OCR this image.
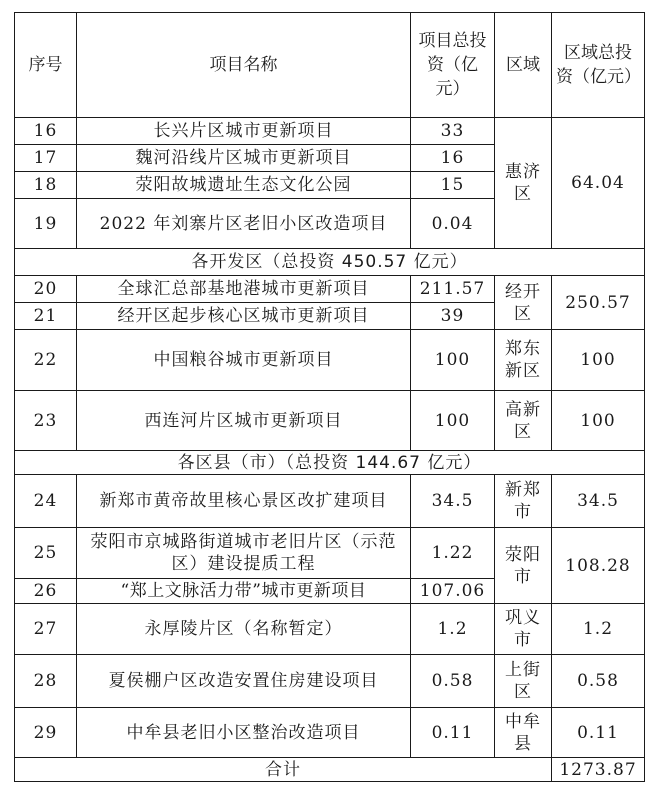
序号	项目名称	项目总投资（亿元）	区域	区域总投资（亿元）
16	长兴片区城市更新项目	33	惠济区	64.04
17	魏河沿线片区城市更新项目	16		
18	荥阳故城遗址生态文化公园	15		
19	2022 年刘寨片区老旧小区改造项目	0.04		
各开发区（总投资 450.57 亿元）				
20	全球汇总部基地港城市更新项目	211.57	经开区	250.57
21	经开区起步核心区城市更新项目	39		
22	中国粮谷城市更新项目	100	郑东新区	100
23	西连河片区城市更新项目	100	高新区	100
各区县（市）（总投资 144.67 亿元）				
24	新郑市黄帝故里核心景区改扩建项目	34.5	新郑市	34.5
25	荥阳市京城路街道城市老旧片区（示范区）建设提质工程	1.22	荥阳市	108.28
26	“郑上文脉活力带”城市更新项目	107.06		
27	永厚陵片区（名称暂定）	1.2	巩义市	1.2
28	夏侯棚户区改造安置住房建设项目	0.58	上街区	0.58
29	中牟县老旧小区整治改造项目	0.11	中牟县	0.11
合计				1273.87
